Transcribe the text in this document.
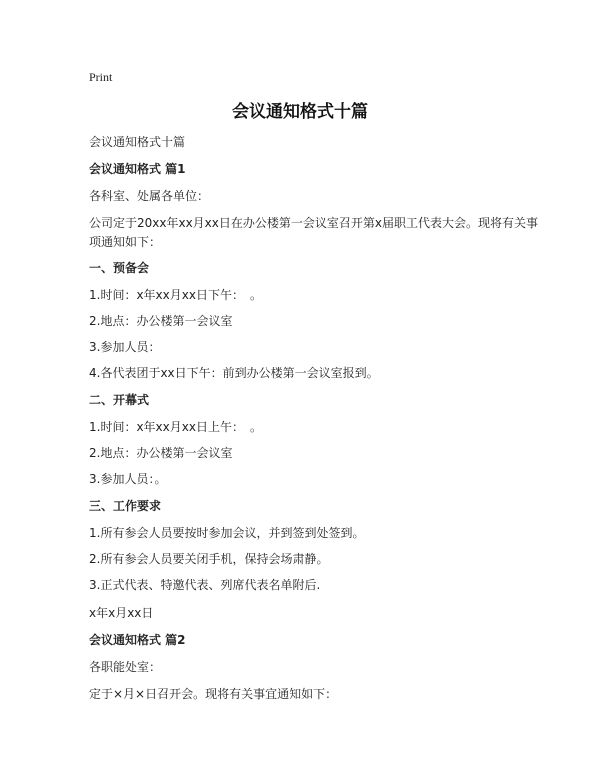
Print
会议通知格式十篇
会议通知格式十篇
会议通知格式 篇1
各科室、处属各单位：
公司定于20xx年xx月xx日在办公楼第一会议室召开第x届职工代表大会。现将有关事项通知如下：
一、预备会
1.时间：x年xx月xx日下午：　。
2.地点：办公楼第一会议室
3.参加人员：
4.各代表团于xx日下午：前到办公楼第一会议室报到。
二、开幕式
1.时间：x年xx月xx日上午：　。
2.地点：办公楼第一会议室
3.参加人员：。
三、工作要求
1.所有参会人员要按时参加会议，并到签到处签到。
2.所有参会人员要关闭手机，保持会场肃静。
3.正式代表、特邀代表、列席代表名单附后.
x年x月xx日
会议通知格式 篇2
各职能处室：
定于×月×日召开会。现将有关事宜通知如下：
